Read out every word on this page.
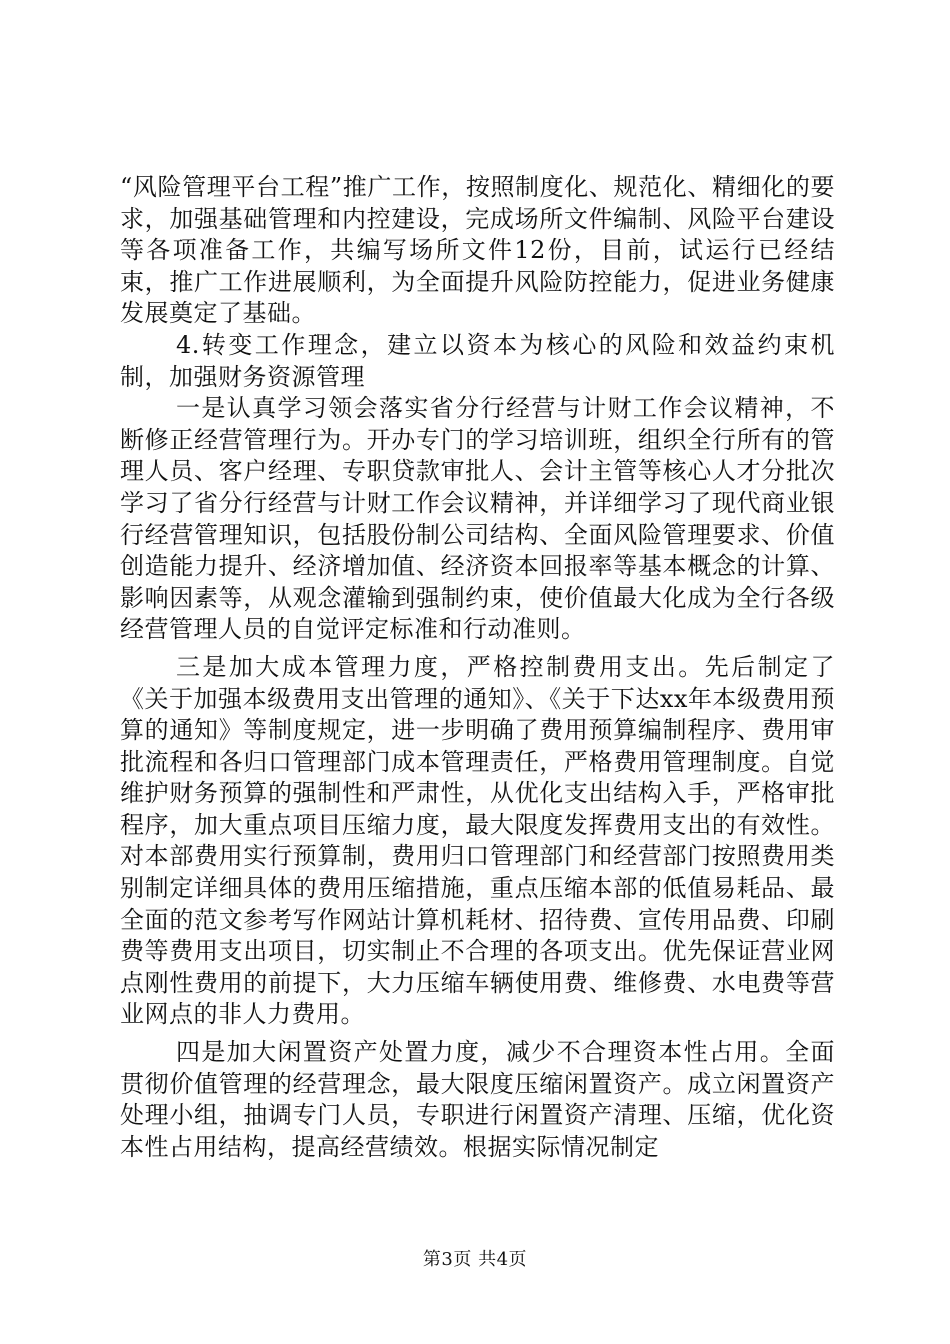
“风险管理平台工程”推广工作，按照制度化、规范化、精细化的要求，加强基础管理和内控建设，完成场所文件编制、风险平台建设等各项准备工作，共编写场所文件12份，目前，试运行已经结束，推广工作进展顺利，为全面提升风险防控能力，促进业务健康发展奠定了基础。

4.转变工作理念，建立以资本为核心的风险和效益约束机制，加强财务资源管理

一是认真学习领会落实省分行经营与计财工作会议精神，不断修正经营管理行为。开办专门的学习培训班，组织全行所有的管理人员、客户经理、专职贷款审批人、会计主管等核心人才分批次学习了省分行经营与计财工作会议精神，并详细学习了现代商业银行经营管理知识，包括股份制公司结构、全面风险管理要求、价值创造能力提升、经济增加值、经济资本回报率等基本概念的计算、影响因素等，从观念灌输到强制约束，使价值最大化成为全行各级经营管理人员的自觉评定标准和行动准则。

三是加大成本管理力度，严格控制费用支出。先后制定了《关于加强本级费用支出管理的通知》、《关于下达xx年本级费用预算的通知》等制度规定，进一步明确了费用预算编制程序、费用审批流程和各归口管理部门成本管理责任，严格费用管理制度。自觉维护财务预算的强制性和严肃性，从优化支出结构入手，严格审批程序，加大重点项目压缩力度，最大限度发挥费用支出的有效性。对本部费用实行预算制，费用归口管理部门和经营部门按照费用类别制定详细具体的费用压缩措施，重点压缩本部的低值易耗品、最全面的范文参考写作网站计算机耗材、招待费、宣传用品费、印刷费等费用支出项目，切实制止不合理的各项支出。优先保证营业网点刚性费用的前提下，大力压缩车辆使用费、维修费、水电费等营业网点的非人力费用。

四是加大闲置资产处置力度，减少不合理资本性占用。全面贯彻价值管理的经营理念，最大限度压缩闲置资产。成立闲置资产处理小组，抽调专门人员，专职进行闲置资产清理、压缩，优化资本性占用结构，提高经营绩效。根据实际情况制定

第3页 共4页
